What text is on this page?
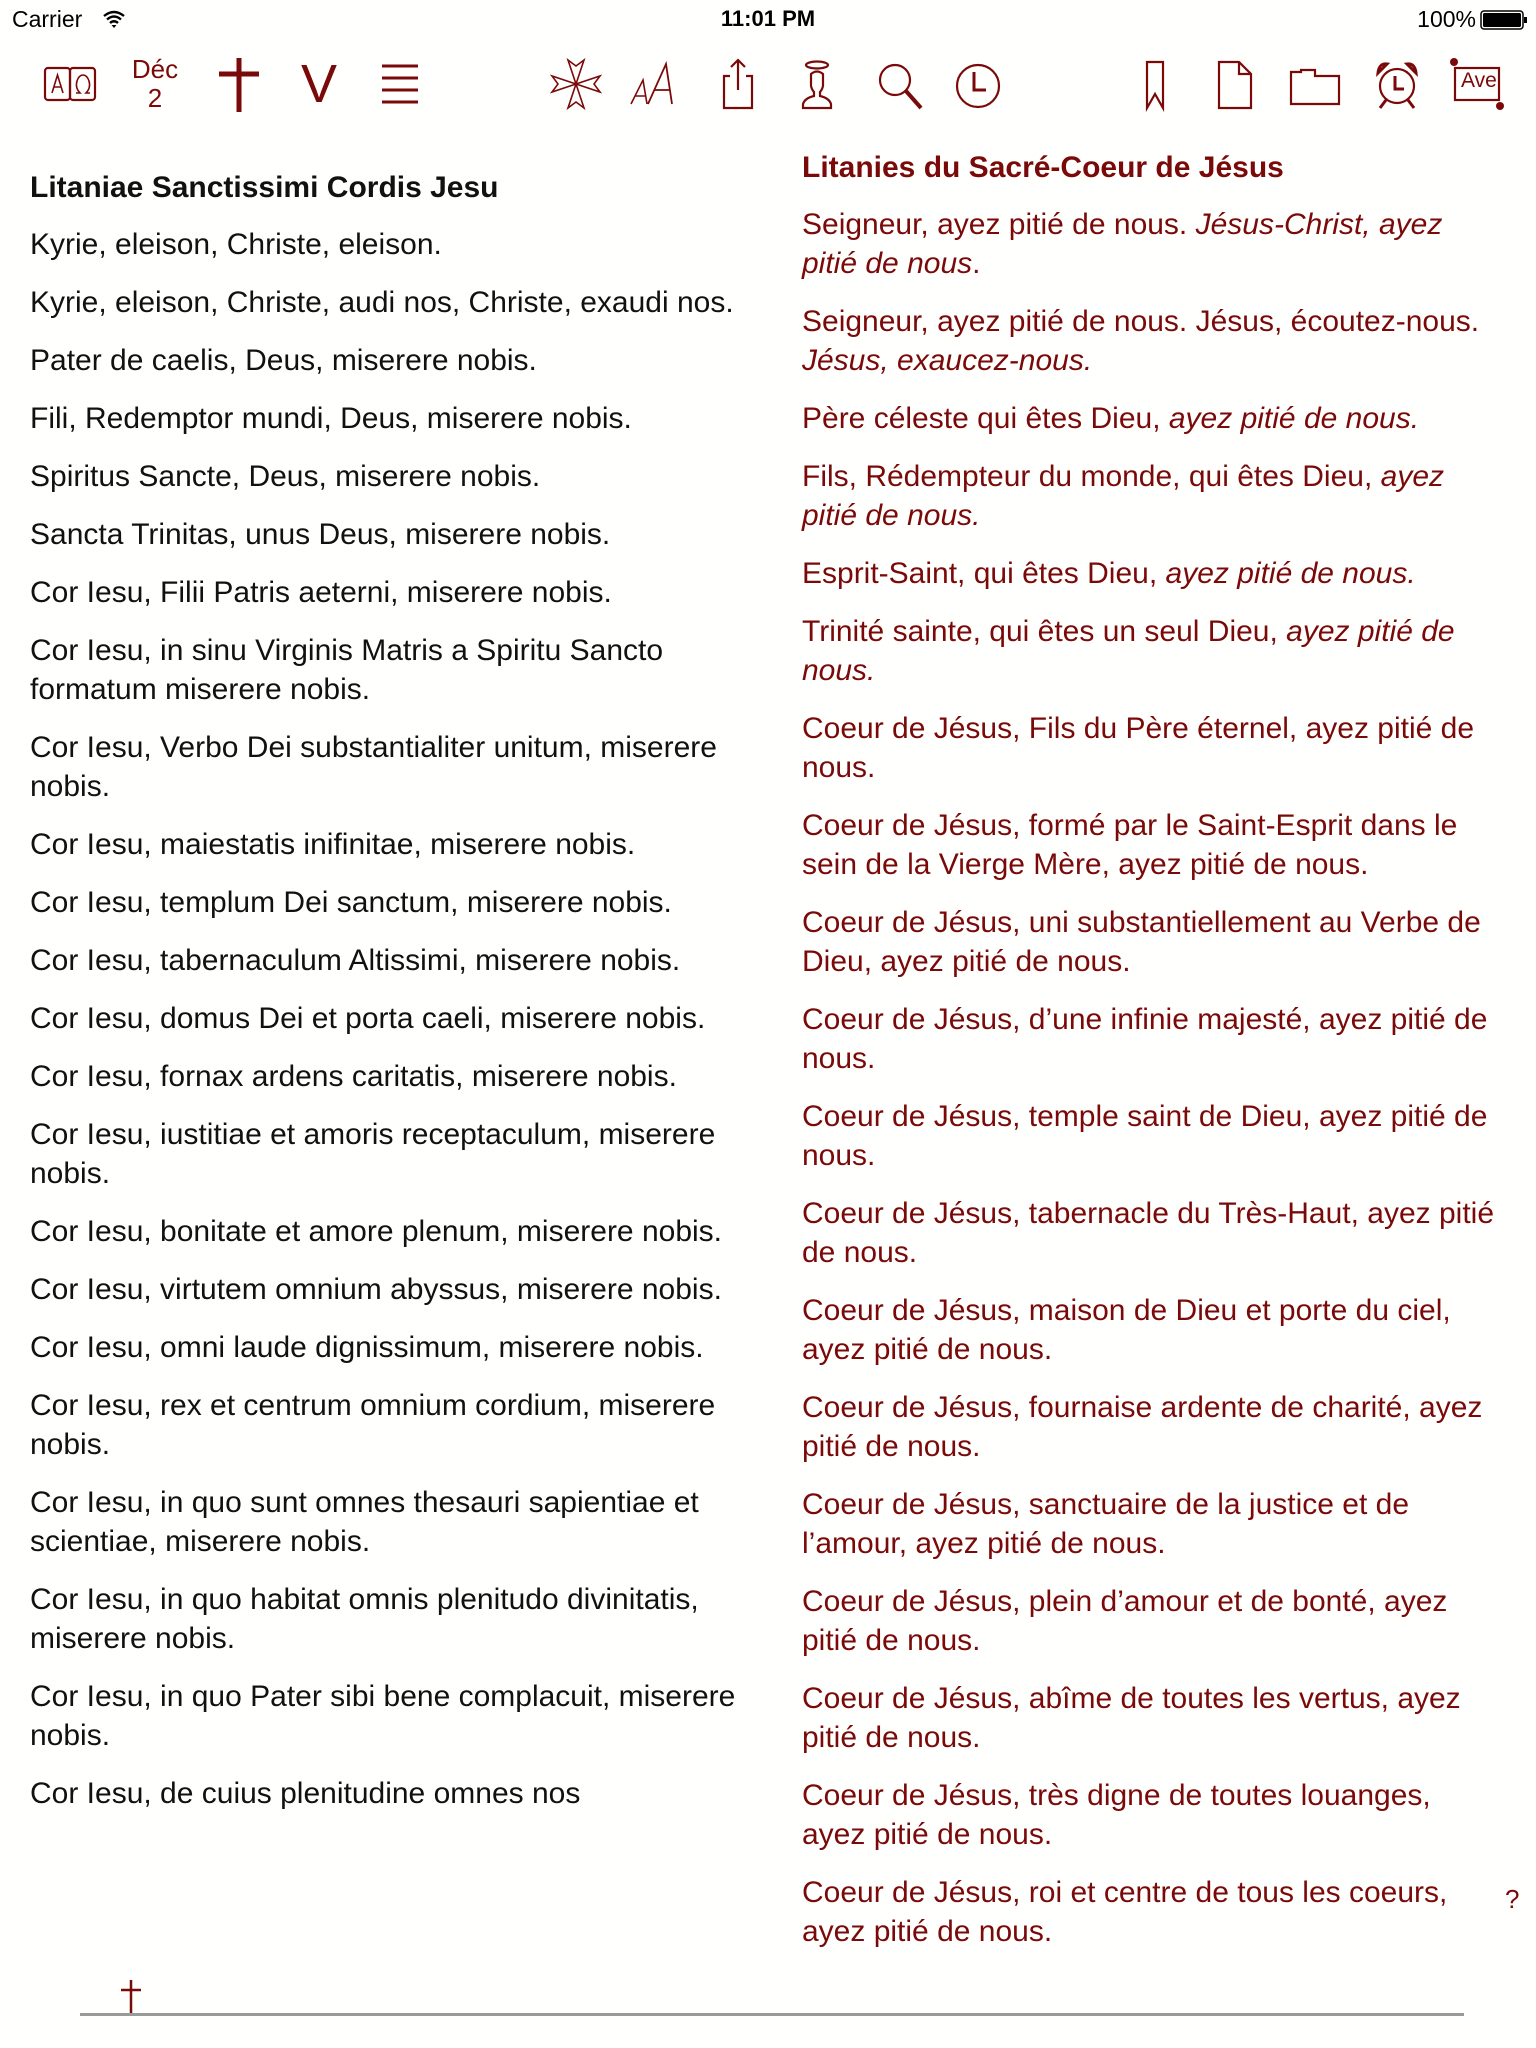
Carrier	11:01 PM	100%
Déc
2	V	Ave
Litaniae Sanctissimi Cordis Jesu

Kyrie, eleison, Christe, eleison.

Kyrie, eleison, Christe, audi nos, Christe, exaudi nos.

Pater de caelis, Deus, miserere nobis.

Fili, Redemptor mundi, Deus, miserere nobis.

Spiritus Sancte, Deus, miserere nobis.

Sancta Trinitas, unus Deus, miserere nobis.

Cor Iesu, Filii Patris aeterni, miserere nobis.

Cor Iesu, in sinu Virginis Matris a Spiritu Sancto formatum miserere nobis.

Cor Iesu, Verbo Dei substantialiter unitum, miserere nobis.

Cor Iesu, maiestatis inifinitae, miserere nobis.

Cor Iesu, templum Dei sanctum, miserere nobis.

Cor Iesu, tabernaculum Altissimi, miserere nobis.

Cor Iesu, domus Dei et porta caeli, miserere nobis.

Cor Iesu, fornax ardens caritatis, miserere nobis.

Cor Iesu, iustitiae et amoris receptaculum, miserere nobis.

Cor Iesu, bonitate et amore plenum, miserere nobis.

Cor Iesu, virtutem omnium abyssus, miserere nobis.

Cor Iesu, omni laude dignissimum, miserere nobis.

Cor Iesu, rex et centrum omnium cordium, miserere nobis.

Cor Iesu, in quo sunt omnes thesauri sapientiae et scientiae, miserere nobis.

Cor Iesu, in quo habitat omnis plenitudo divinitatis, miserere nobis.

Cor Iesu, in quo Pater sibi bene complacuit, miserere nobis.

Cor Iesu, de cuius plenitudine omnes nos

Litanies du Sacré-Coeur de Jésus

Seigneur, ayez pitié de nous. Jésus-Christ, ayez pitié de nous.

Seigneur, ayez pitié de nous. Jésus, écoutez-nous. Jésus, exaucez-nous.

Père céleste qui êtes Dieu, ayez pitié de nous.

Fils, Rédempteur du monde, qui êtes Dieu, ayez pitié de nous.

Esprit-Saint, qui êtes Dieu, ayez pitié de nous.

Trinité sainte, qui êtes un seul Dieu, ayez pitié de nous.

Coeur de Jésus, Fils du Père éternel, ayez pitié de nous.

Coeur de Jésus, formé par le Saint-Esprit dans le sein de la Vierge Mère, ayez pitié de nous.

Coeur de Jésus, uni substantiellement au Verbe de Dieu, ayez pitié de nous.

Coeur de Jésus, d’une infinie majesté, ayez pitié de nous.

Coeur de Jésus, temple saint de Dieu, ayez pitié de nous.

Coeur de Jésus, tabernacle du Très-Haut, ayez pitié de nous.

Coeur de Jésus, maison de Dieu et porte du ciel, ayez pitié de nous.

Coeur de Jésus, fournaise ardente de charité, ayez pitié de nous.

Coeur de Jésus, sanctuaire de la justice et de l’amour, ayez pitié de nous.

Coeur de Jésus, plein d’amour et de bonté, ayez pitié de nous.

Coeur de Jésus, abîme de toutes les vertus, ayez pitié de nous.

Coeur de Jésus, très digne de toutes louanges, ayez pitié de nous.

Coeur de Jésus, roi et centre de tous les coeurs, ayez pitié de nous.

?
